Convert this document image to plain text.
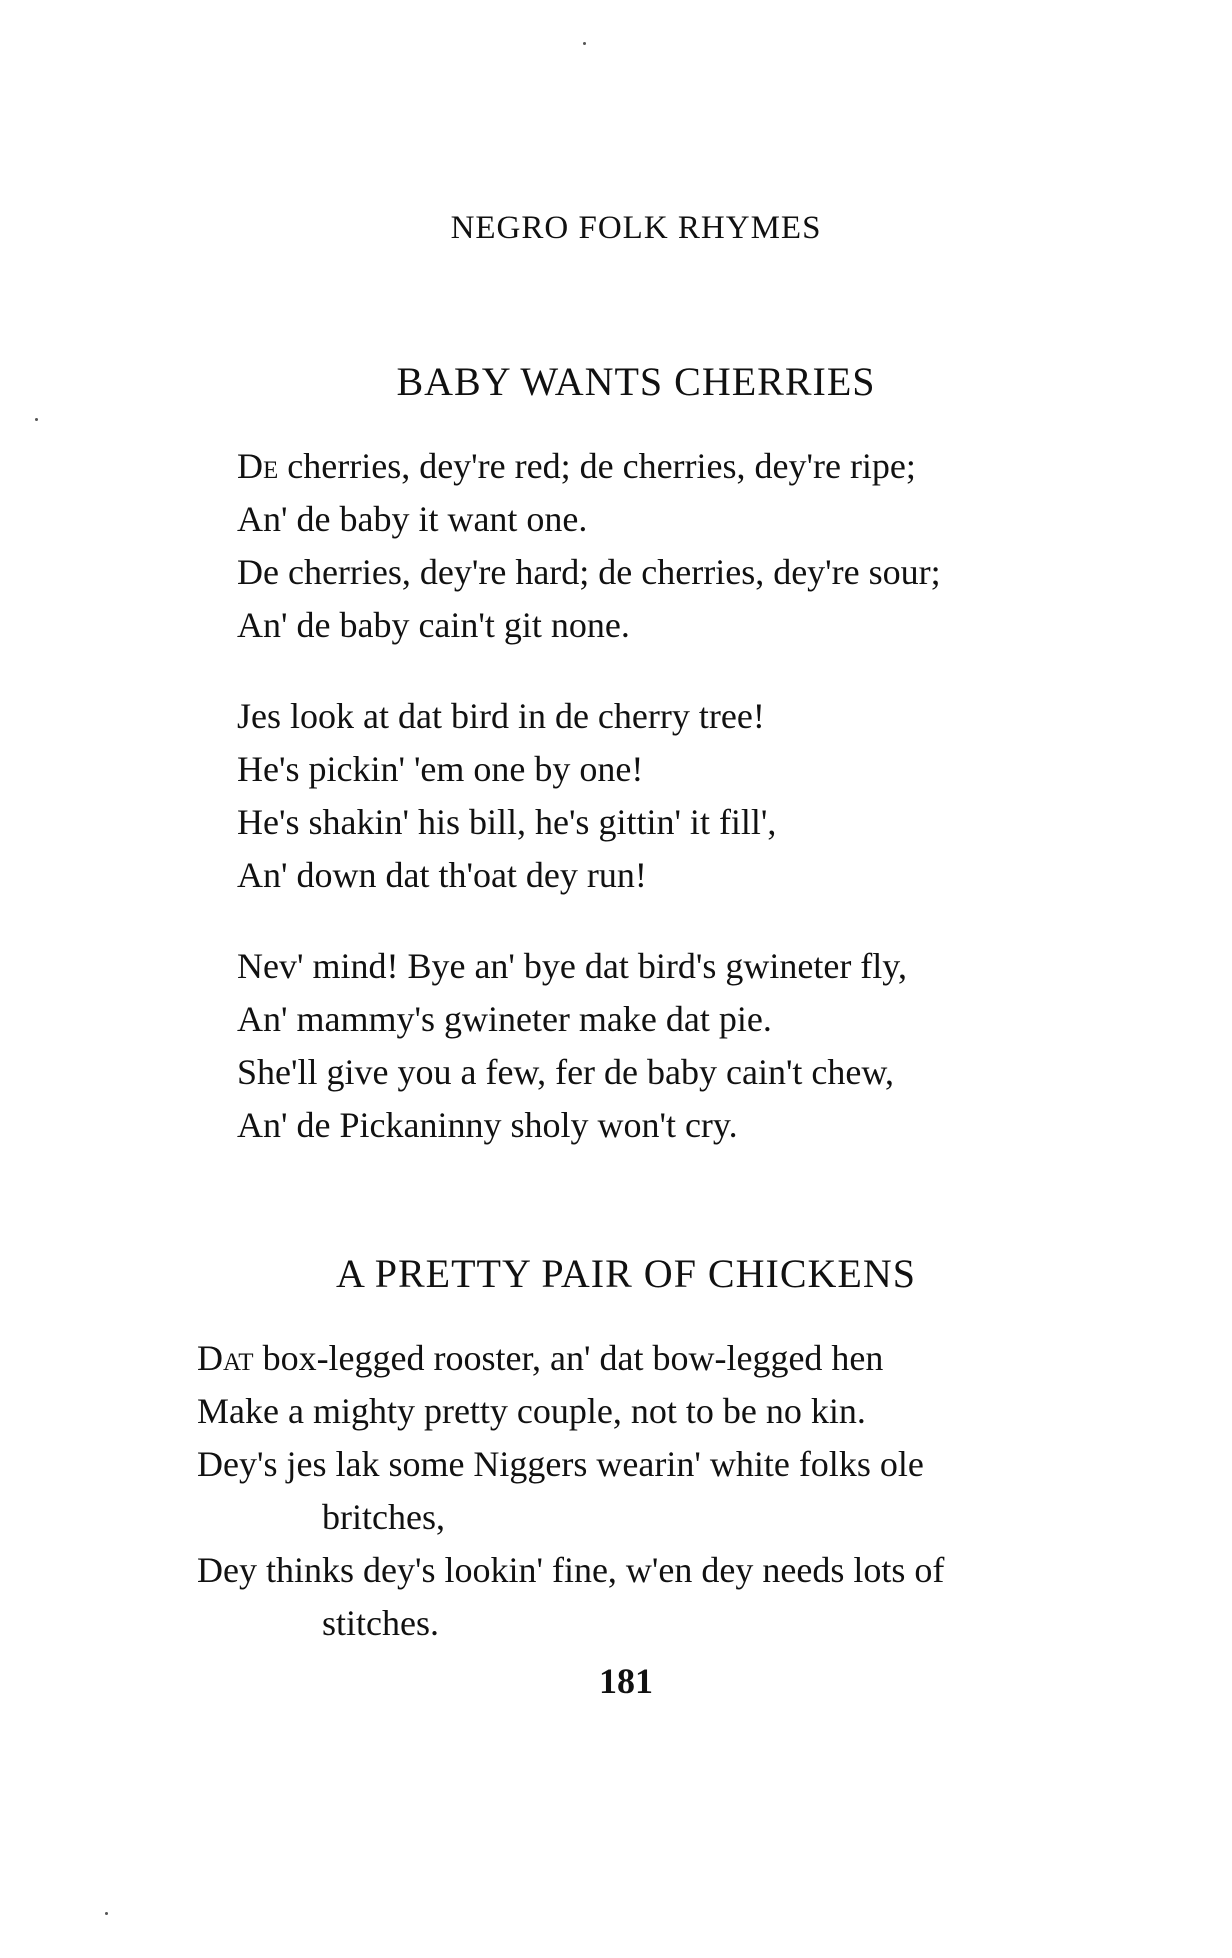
NEGRO FOLK RHYMES
BABY WANTS CHERRIES
De cherries, dey're red; de cherries, dey're ripe;
An' de baby it want one.
De cherries, dey're hard; de cherries, dey're sour;
An' de baby cain't git none.
Jes look at dat bird in de cherry tree!
He's pickin' 'em one by one!
He's shakin' his bill, he's gittin' it fill',
An' down dat th'oat dey run!
Nev' mind! Bye an' bye dat bird's gwineter fly,
An' mammy's gwineter make dat pie.
She'll give you a few, fer de baby cain't chew,
An' de Pickaninny sholy won't cry.
A PRETTY PAIR OF CHICKENS
Dat box-legged rooster, an' dat bow-legged hen
Make a mighty pretty couple, not to be no kin.
Dey's jes lak some Niggers wearin' white folks ole
britches,
Dey thinks dey's lookin' fine, w'en dey needs lots of
stitches.
181
